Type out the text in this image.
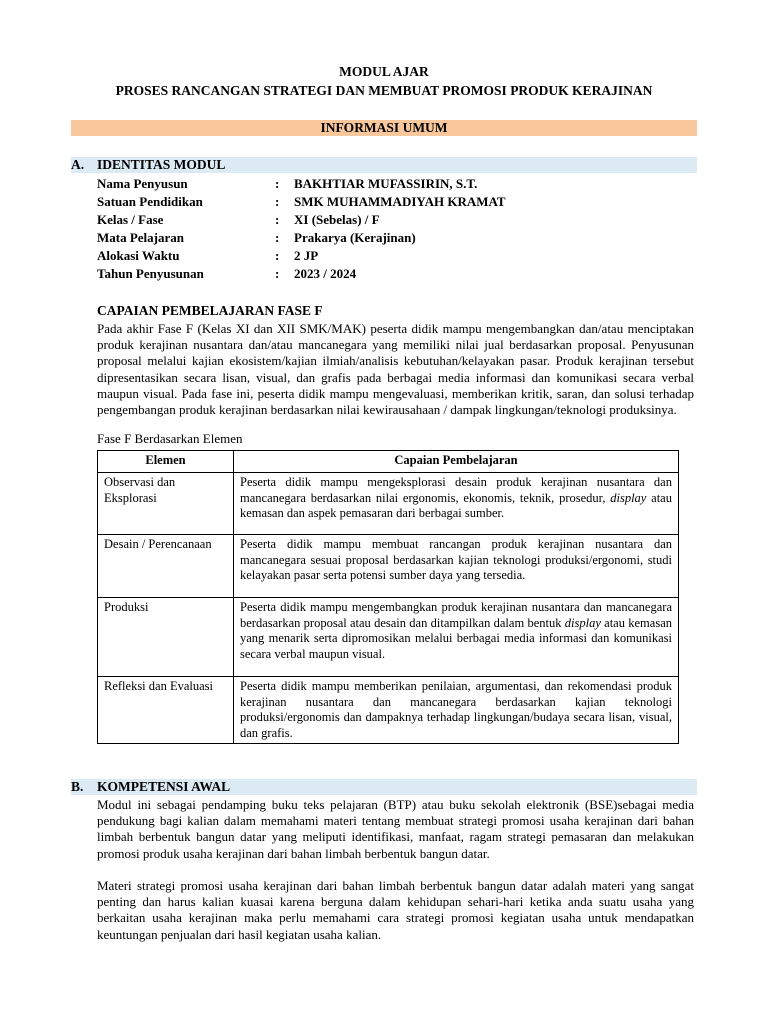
MODUL AJAR
PROSES RANCANGAN STRATEGI DAN MEMBUAT PROMOSI PRODUK KERAJINAN
INFORMASI UMUM
A. IDENTITAS MODUL
Nama Penyusun	: BAKHTIAR MUFASSIRIN, S.T.
Satuan Pendidikan	: SMK MUHAMMADIYAH KRAMAT
Kelas / Fase	: XI (Sebelas) / F
Mata Pelajaran	: Prakarya (Kerajinan)
Alokasi Waktu	: 2 JP
Tahun Penyusunan	: 2023 / 2024
CAPAIAN PEMBELAJARAN FASE F
Pada akhir Fase F (Kelas XI dan XII SMK/MAK) peserta didik mampu mengembangkan dan/atau menciptakan produk kerajinan nusantara dan/atau mancanegara yang memiliki nilai jual berdasarkan proposal. Penyusunan proposal melalui kajian ekosistem/kajian ilmiah/analisis kebutuhan/kelayakan pasar. Produk kerajinan tersebut dipresentasikan secara lisan, visual, dan grafis pada berbagai media informasi dan komunikasi secara verbal maupun visual. Pada fase ini, peserta didik mampu mengevaluasi, memberikan kritik, saran, dan solusi terhadap pengembangan produk kerajinan berdasarkan nilai kewirausahaan / dampak lingkungan/teknologi produksinya.
Fase F Berdasarkan Elemen
Elemen	Capaian Pembelajaran
Observasi dan Eksplorasi	Peserta didik mampu mengeksplorasi desain produk kerajinan nusantara dan mancanegara berdasarkan nilai ergonomis, ekonomis, teknik, prosedur, display atau kemasan dan aspek pemasaran dari berbagai sumber.
Desain / Perencanaan	Peserta didik mampu membuat rancangan produk kerajinan nusantara dan mancanegara sesuai proposal berdasarkan kajian teknologi produksi/ergonomi, studi kelayakan pasar serta potensi sumber daya yang tersedia.
Produksi	Peserta didik mampu mengembangkan produk kerajinan nusantara dan mancanegara berdasarkan proposal atau desain dan ditampilkan dalam bentuk display atau kemasan yang menarik serta dipromosikan melalui berbagai media informasi dan komunikasi secara verbal maupun visual.
Refleksi dan Evaluasi	Peserta didik mampu memberikan penilaian, argumentasi, dan rekomendasi produk kerajinan nusantara dan mancanegara berdasarkan kajian teknologi produksi/ergonomis dan dampaknya terhadap lingkungan/budaya secara lisan, visual, dan grafis.
B. KOMPETENSI AWAL
Modul ini sebagai pendamping buku teks pelajaran (BTP) atau buku sekolah elektronik (BSE)sebagai media pendukung bagi kalian dalam memahami materi tentang membuat strategi promosi usaha kerajinan dari bahan limbah berbentuk bangun datar yang meliputi identifikasi, manfaat, ragam strategi pemasaran dan melakukan promosi produk usaha kerajinan dari bahan limbah berbentuk bangun datar.
Materi strategi promosi usaha kerajinan dari bahan limbah berbentuk bangun datar adalah materi yang sangat penting dan harus kalian kuasai karena berguna dalam kehidupan sehari-hari ketika anda suatu usaha yang berkaitan usaha kerajinan maka perlu memahami cara strategi promosi kegiatan usaha untuk mendapatkan keuntungan penjualan dari hasil kegiatan usaha kalian.
